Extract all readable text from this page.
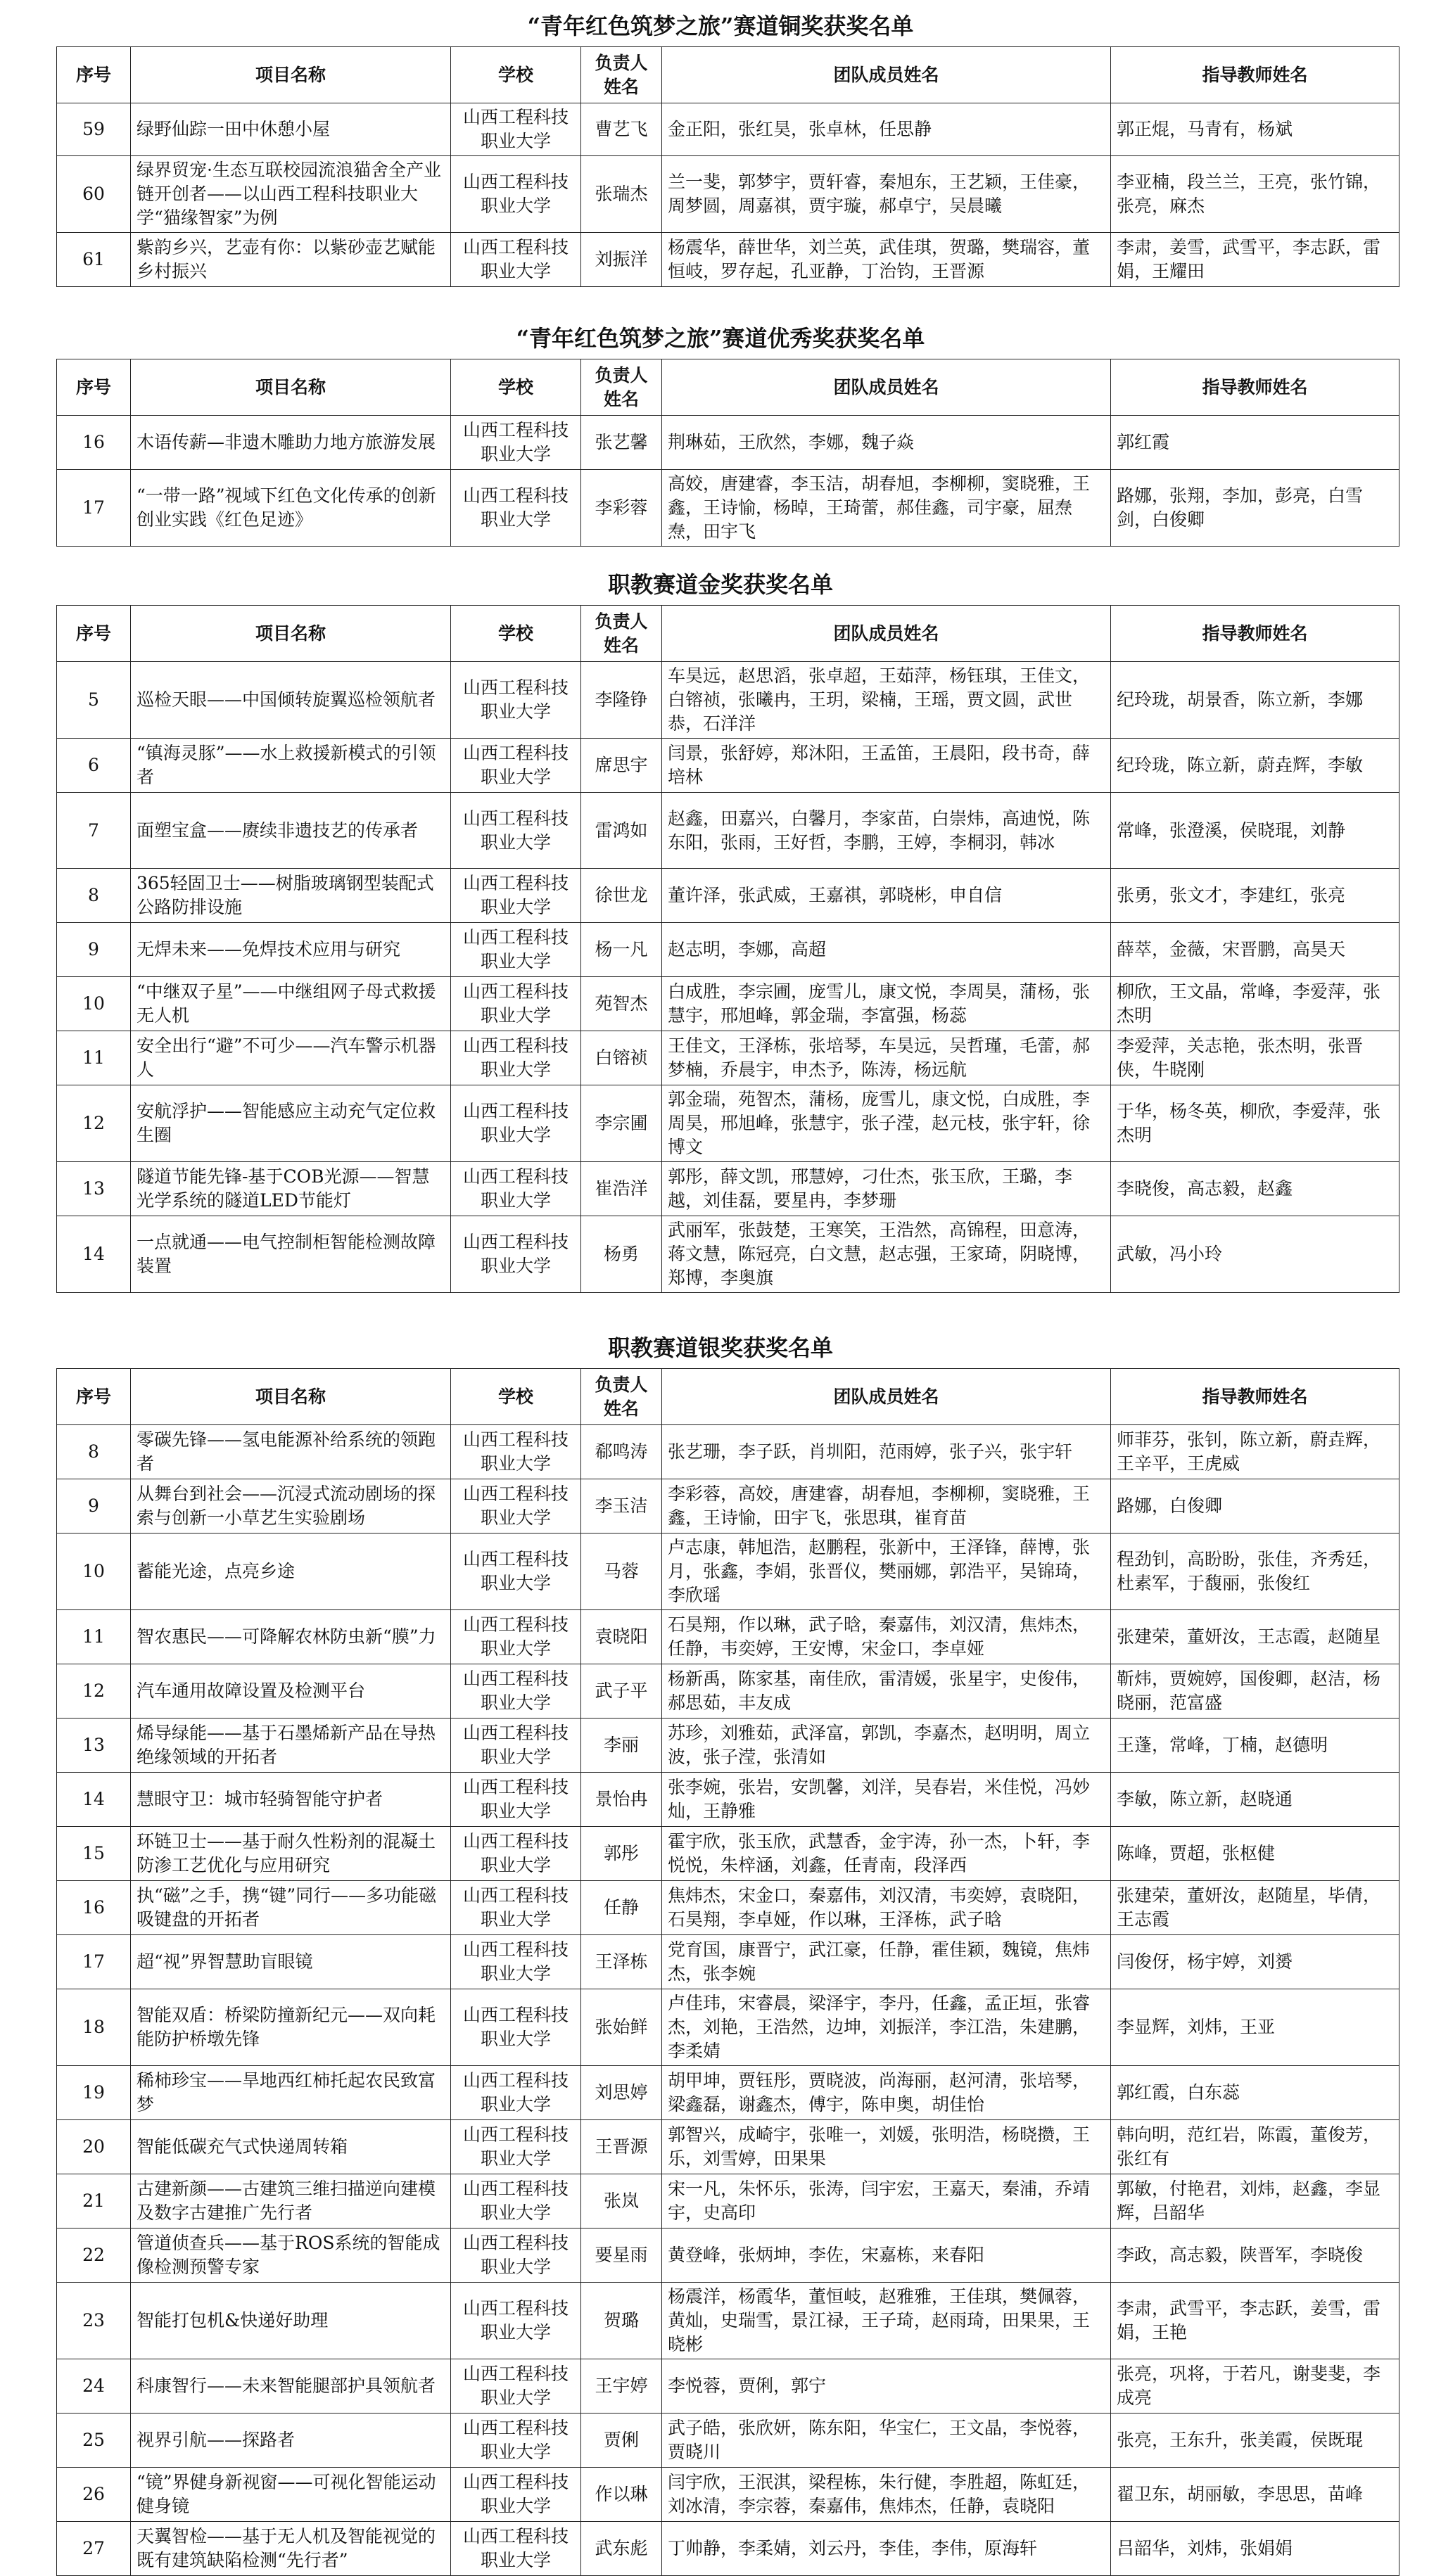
“青年红色筑梦之旅”赛道铜奖获奖名单
序号	项目名称	学校	负责人姓名	团队成员姓名	指导教师姓名
59	绿野仙踪一田中休憩小屋	山西工程科技职业大学	曹艺飞	金正阳，张红昊，张卓林，任思静	郭正焜，马青有，杨斌
60	绿界贸宠·生态互联校园流浪猫舍全产业链开创者——以山西工程科技职业大学“猫缘智家”为例	山西工程科技职业大学	张瑞杰	兰一斐，郭梦宇，贾轩睿，秦旭东，王艺颖，王佳豪，周梦圆，周嘉祺，贾宇璇，郝卓宁，吴晨曦	李亚楠，段兰兰，王亮，张竹锦，张亮，麻杰
61	紫韵乡兴，艺壶有你：以紫砂壶艺赋能乡村振兴	山西工程科技职业大学	刘振洋	杨震华，薛世华，刘兰英，武佳琪，贺璐，樊瑞容，董恒岐，罗存起，孔亚静，丁治钧，王晋源	李肃，姜雪，武雪平，李志跃，雷娟，王耀田
“青年红色筑梦之旅”赛道优秀奖获奖名单
序号	项目名称	学校	负责人姓名	团队成员姓名	指导教师姓名
16	木语传薪—非遗木雕助力地方旅游发展	山西工程科技职业大学	张艺馨	荆琳茹，王欣然，李娜，魏子焱	郭红霞
17	“一带一路”视域下红色文化传承的创新创业实践《红色足迹》	山西工程科技职业大学	李彩蓉	高姣，唐建睿，李玉洁，胡春旭，李柳柳，窦晓雅，王鑫，王诗愉，杨晫，王琦蕾，郝佳鑫，司宇豪，屈焘焘，田宇飞	路娜，张翔，李加，彭亮，白雪剑，白俊卿
职教赛道金奖获奖名单
序号	项目名称	学校	负责人姓名	团队成员姓名	指导教师姓名
5	巡检天眼——中国倾转旋翼巡检领航者	山西工程科技职业大学	李隆铮	车昊远，赵思滔，张卓超，王茹萍，杨钰琪，王佳文，白镕祯，张曦冉，王玥，梁楠，王瑶，贾文圆，武世恭，石洋洋	纪玲珑，胡景香，陈立新，李娜
6	“镇海灵豚”——水上救援新模式的引领者	山西工程科技职业大学	席思宇	闫景，张舒婷，郑沐阳，王孟笛，王晨阳，段书奇，薛培林	纪玲珑，陈立新，蔚垚辉，李敏
7	面塑宝盒——赓续非遗技艺的传承者	山西工程科技职业大学	雷鸿如	赵鑫，田嘉兴，白馨月，李家苗，白崇炜，高迪悦，陈东阳，张雨，王好哲，李鹏，王婷，李桐羽，韩冰	常峰，张澄溪，侯晓琨，刘静
8	365轻固卫士——树脂玻璃钢型装配式公路防排设施	山西工程科技职业大学	徐世龙	董许泽，张武威，王嘉祺，郭晓彬，申自信	张勇，张文才，李建红，张亮
9	无焊未来——免焊技术应用与研究	山西工程科技职业大学	杨一凡	赵志明，李娜，高超	薛萃，金薇，宋晋鹏，高昊天
10	“中继双子星”——中继组网子母式救援无人机	山西工程科技职业大学	苑智杰	白成胜，李宗圃，庞雪儿，康文悦，李周昊，蒲杨，张慧宇，邢旭峰，郭金瑞，李富强，杨蕊	柳欣，王文晶，常峰，李爱萍，张杰明
11	安全出行“避”不可少——汽车警示机器人	山西工程科技职业大学	白镕祯	王佳文，王泽栋，张培琴，车昊远，吴哲瑾，毛蕾，郝梦楠，乔晨宇，申杰予，陈涛，杨远航	李爱萍，关志艳，张杰明，张晋侠，牛晓刚
12	安航浮护——智能感应主动充气定位救生圈	山西工程科技职业大学	李宗圃	郭金瑞，苑智杰，蒲杨，庞雪儿，康文悦，白成胜，李周昊，邢旭峰，张慧宇，张子滢，赵元枝，张宇轩，徐博文	于华，杨冬英，柳欣，李爱萍，张杰明
13	隧道节能先锋-基于COB光源——智慧光学系统的隧道LED节能灯	山西工程科技职业大学	崔浩洋	郭彤，薛文凯，邢慧婷，刁仕杰，张玉欣，王璐，李越，刘佳磊，要星冉，李梦珊	李晓俊，高志毅，赵鑫
14	一点就通——电气控制柜智能检测故障装置	山西工程科技职业大学	杨勇	武丽军，张鼓楚，王寒笑，王浩然，高锦程，田意涛，蒋文慧，陈冠亮，白文慧，赵志强，王家琦，阴晓博，郑博，李奥旗	武敏，冯小玲
职教赛道银奖获奖名单
序号	项目名称	学校	负责人姓名	团队成员姓名	指导教师姓名
8	零碳先锋——氢电能源补给系统的领跑者	山西工程科技职业大学	郗鸣涛	张艺珊，李子跃，肖圳阳，范雨婷，张子兴，张宇轩	师菲芬，张钊，陈立新，蔚垚辉，王辛平，王虎威
9	从舞台到社会——沉浸式流动剧场的探索与创新一小草艺生实验剧场	山西工程科技职业大学	李玉洁	李彩蓉，高姣，唐建睿，胡春旭，李柳柳，窦晓雅，王鑫，王诗愉，田宇飞，张思琪，崔育苗	路娜，白俊卿
10	蓄能光途，点亮乡途	山西工程科技职业大学	马蓉	卢志康，韩旭浩，赵鹏程，张新中，王泽锋，薛博，张月，张鑫，李娟，张晋仪，樊丽娜，郭浩平，吴锦琦，李欣瑶	程劲钊，高盼盼，张佳，齐秀廷，杜素军，于馥丽，张俊红
11	智农惠民——可降解农林防虫新“膜”力	山西工程科技职业大学	袁晓阳	石昊翔，作以琳，武子晗，秦嘉伟，刘汉清，焦炜杰，任静，韦奕婷，王安博，宋金口，李卓娅	张建荣，董妍汝，王志霞，赵随星
12	汽车通用故障设置及检测平台	山西工程科技职业大学	武子平	杨新禹，陈家基，南佳欣，雷清媛，张星宇，史俊伟，郝思茹，丰友成	靳炜，贾婉婷，国俊卿，赵洁，杨晓丽，范富盛
13	烯导绿能——基于石墨烯新产品在导热绝缘领域的开拓者	山西工程科技职业大学	李丽	苏珍，刘雅茹，武泽富，郭凯，李嘉杰，赵明明，周立波，张子滢，张清如	王蓬，常峰，丁楠，赵德明
14	慧眼守卫：城市轻骑智能守护者	山西工程科技职业大学	景怡冉	张李婉，张岩，安凯馨，刘洋，吴春岩，米佳悦，冯妙灿，王静雅	李敏，陈立新，赵晓通
15	环链卫士——基于耐久性粉剂的混凝土防渗工艺优化与应用研究	山西工程科技职业大学	郭彤	霍宇欣，张玉欣，武慧香，金宇涛，孙一杰，卜轩，李悦悦，朱梓涵，刘鑫，任青南，段泽西	陈峰，贾超，张枢健
16	执“磁”之手，携“键”同行——多功能磁吸键盘的开拓者	山西工程科技职业大学	任静	焦炜杰，宋金口，秦嘉伟，刘汉清，韦奕婷，袁晓阳，石昊翔，李卓娅，作以琳，王泽栋，武子晗	张建荣，董妍汝，赵随星，毕倩，王志霞
17	超“视”界智慧助盲眼镜	山西工程科技职业大学	王泽栋	党育国，康晋宁，武江豪，任静，霍佳颖，魏镜，焦炜杰，张李婉	闫俊伢，杨宇婷，刘赟
18	智能双盾：桥梁防撞新纪元——双向耗能防护桥墩先锋	山西工程科技职业大学	张始鲜	卢佳玮，宋睿晨，梁泽宇，李丹，任鑫，孟正垣，张睿杰，刘艳，王浩然，边坤，刘振洋，李江浩，朱建鹏，李柔婧	李显辉，刘炜，王亚
19	稀柿珍宝——旱地西红柿托起农民致富梦	山西工程科技职业大学	刘思婷	胡甲坤，贾钰彤，贾晓波，尚海丽，赵河清，张培琴，梁鑫磊，谢鑫杰，傅宇，陈申奥，胡佳怡	郭红霞，白东蕊
20	智能低碳充气式快递周转箱	山西工程科技职业大学	王晋源	郭智兴，成崎宇，张唯一，刘媛，张明浩，杨晓攒，王乐，刘雪婷，田果果	韩向明，范红岩，陈霞，董俊芳，张红有
21	古建新颜——古建筑三维扫描逆向建模及数字古建推广先行者	山西工程科技职业大学	张岚	宋一凡，朱怀乐，张涛，闫宇宏，王嘉天，秦浦，乔靖宇，史高印	郭敏，付艳君，刘炜，赵鑫，李显辉，吕韶华
22	管道侦查兵——基于ROS系统的智能成像检测预警专家	山西工程科技职业大学	要星雨	黄登峰，张炳坤，李佐，宋嘉栋，来春阳	李政，高志毅，陕晋军，李晓俊
23	智能打包机&快递好助理	山西工程科技职业大学	贺璐	杨震洋，杨霞华，董恒岐，赵雅雅，王佳琪，樊佩蓉，黄灿，史瑞雪，景江禄，王子琦，赵雨琦，田果果，王晓彬	李肃，武雪平，李志跃，姜雪，雷娟，王艳
24	科康智行——未来智能腿部护具领航者	山西工程科技职业大学	王宇婷	李悦蓉，贾俐，郭宁	张亮，巩将，于若凡，谢斐斐，李成亮
25	视界引航——探路者	山西工程科技职业大学	贾俐	武子皓，张欣妍，陈东阳，华宝仁，王文晶，李悦蓉，贾晓川	张亮，王东升，张美霞，侯既琨
26	“镜”界健身新视窗——可视化智能运动健身镜	山西工程科技职业大学	作以琳	闫宇欣，王泯淇，梁程栋，朱行健，李胜超，陈虹廷，刘冰清，李宗蓉，秦嘉伟，焦炜杰，任静，袁晓阳	翟卫东，胡丽敏，李思思，苗峰
27	天翼智检——基于无人机及智能视觉的既有建筑缺陷检测“先行者”	山西工程科技职业大学	武东彪	丁帅静，李柔婧，刘云丹，李佳，李伟，原海轩	吕韶华，刘炜，张娟娟
